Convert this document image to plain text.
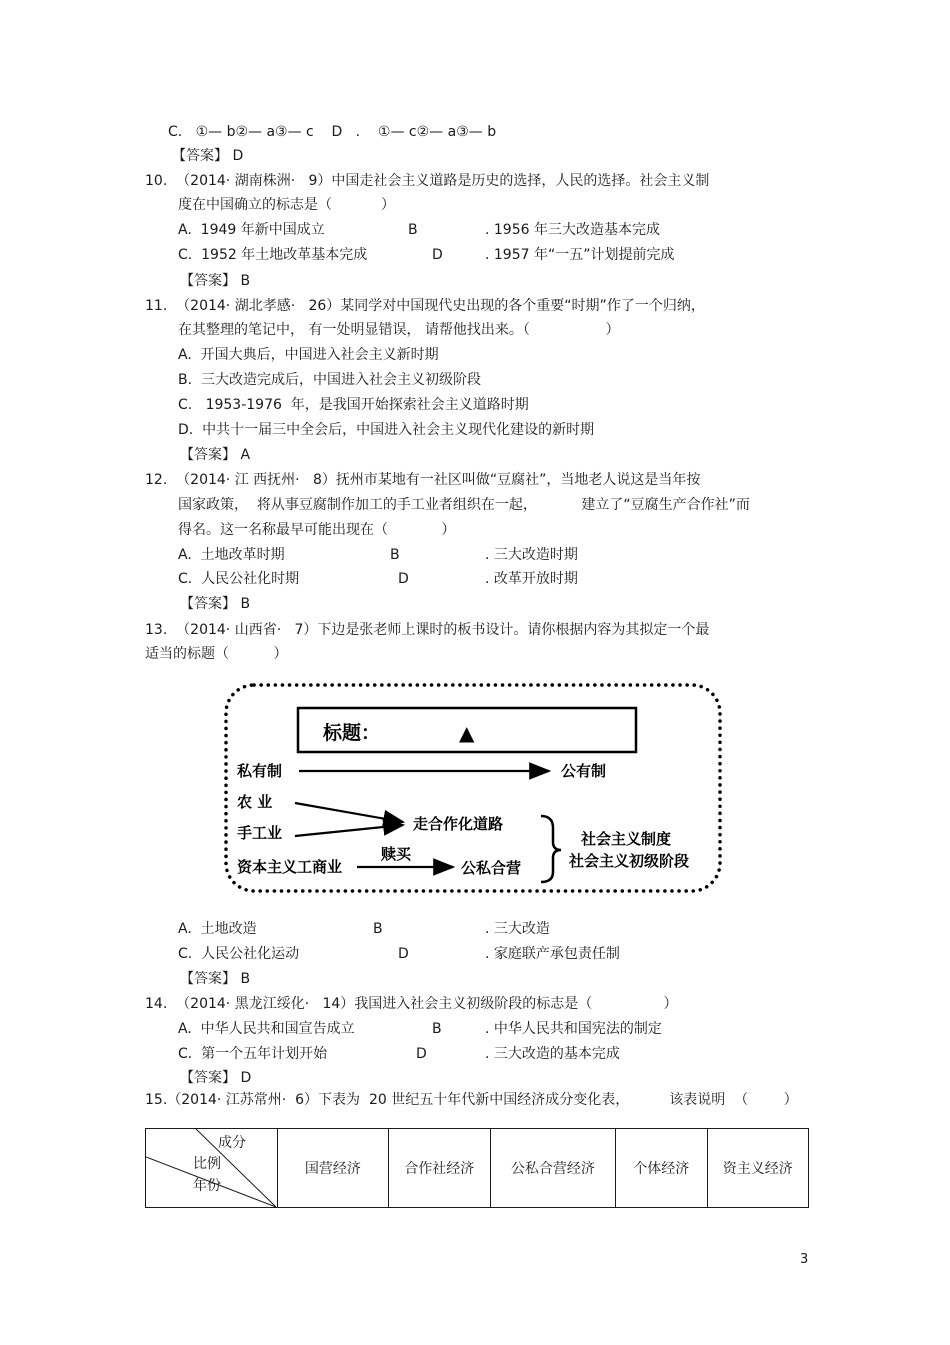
C.   ①— b②— a③— c    D   .    ①— c②— a③— b
【答案】 D
10.  （2014· 湖南株洲·   9）中国走社会主义道路是历史的选择，人民的选择。社会主义制
度在中国确立的标志是（           ）
A.  1949 年新中国成立	B	. 1956 年三大改造基本完成
C.  1952 年土地改革基本完成	D	. 1957 年“一五”计划提前完成
【答案】 B
11.  （2014· 湖北孝感·   26）某同学对中国现代史出现的各个重要“时期”作了一个归纳，
在其整理的笔记中， 有一处明显错误， 请帮他找出来。（                 ）
A.  开国大典后，中国进入社会主义新时期
B.  三大改造完成后，中国进入社会主义初级阶段
C.   1953-1976  年，是我国开始探索社会主义道路时期
D.  中共十一届三中全会后，中国进入社会主义现代化建设的新时期
【答案】 A
12.  （2014· 江 西抚州·   8）抚州市某地有一社区叫做“豆腐社”，当地老人说这是当年按
国家政策，  将从事豆腐制作加工的手工业者组织在一起，          建立了“豆腐生产合作社”而
得名。这一名称最早可能出现在（            ）
A.  土地改革时期	B	. 三大改造时期
C.  人民公社化时期	D	. 改革开放时期
【答案】 B
13.  （2014· 山西省·   7）下边是张老师上课时的板书设计。请你根据内容为其拟定一个最
适当的标题（          ）
标题：	▲
私有制	公有制
农 业
手工业	走合作化道路
资本主义工商业
赎买
公私合营
社会主义制度
社会主义初级阶段
A.  土地改造	B	. 三大改造
C.  人民公社化运动	D	. 家庭联产承包责任制
【答案】 B
14.  （2014· 黑龙江绥化·   14）我国进入社会主义初级阶段的标志是（                ）
A.  中华人民共和国宣告成立	B	. 中华人民共和国宪法的制定
C.  第一个五年计划开始	D	. 三大改造的基本完成
【答案】 D
15.（2014· 江苏常州·  6）下表为  20 世纪五十年代新中国经济成分变化表，         该表说明  （        ）
成分
比例
年份
	国营经济	合作社经济	公私合营经济	个体经济	资主义经济
3
